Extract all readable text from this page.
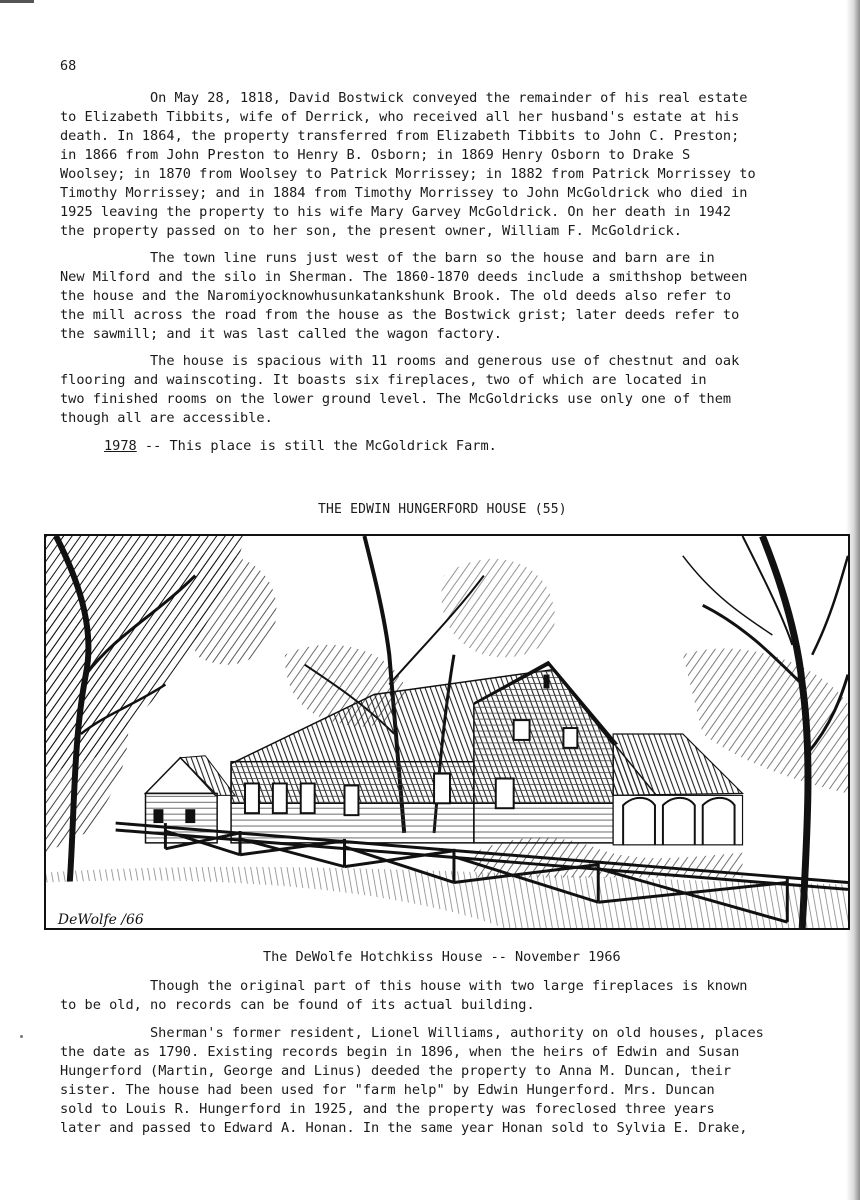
68
On May 28, 1818, David Bostwick conveyed the remainder of his real estate
to Elizabeth Tibbits, wife of Derrick, who received all her husband's estate at his
death. In 1864, the property transferred from Elizabeth Tibbits to John C. Preston;
in 1866 from John Preston to Henry B. Osborn; in 1869 Henry Osborn to Drake S
Woolsey; in 1870 from Woolsey to Patrick Morrissey; in 1882 from Patrick Morrissey to
Timothy Morrissey; and in 1884 from Timothy Morrissey to John McGoldrick who died in
1925 leaving the property to his wife Mary Garvey McGoldrick. On her death in 1942
the property passed on to her son, the present owner, William F. McGoldrick.
The town line runs just west of the barn so the house and barn are in
New Milford and the silo in Sherman. The 1860-1870 deeds include a smithshop between
the house and the Naromiyocknowhusunkatankshunk Brook. The old deeds also refer to
the mill across the road from the house as the Bostwick grist; later deeds refer to
the sawmill; and it was last called the wagon factory.
The house is spacious with 11 rooms and generous use of chestnut and oak
flooring and wainscoting. It boasts six fireplaces, two of which are located in
two finished rooms on the lower ground level. The McGoldricks use only one of them
though all are accessible.
1978 -- This place is still the McGoldrick Farm.
THE EDWIN HUNGERFORD HOUSE (55)
DeWolfe /66
The DeWolfe Hotchkiss House -- November 1966
Though the original part of this house with two large fireplaces is known
to be old, no records can be found of its actual building.
Sherman's former resident, Lionel Williams, authority on old houses, places
the date as 1790. Existing records begin in 1896, when the heirs of Edwin and Susan
Hungerford (Martin, George and Linus) deeded the property to Anna M. Duncan, their
sister. The house had been used for "farm help" by Edwin Hungerford. Mrs. Duncan
sold to Louis R. Hungerford in 1925, and the property was foreclosed three years
later and passed to Edward A. Honan. In the same year Honan sold to Sylvia E. Drake,
